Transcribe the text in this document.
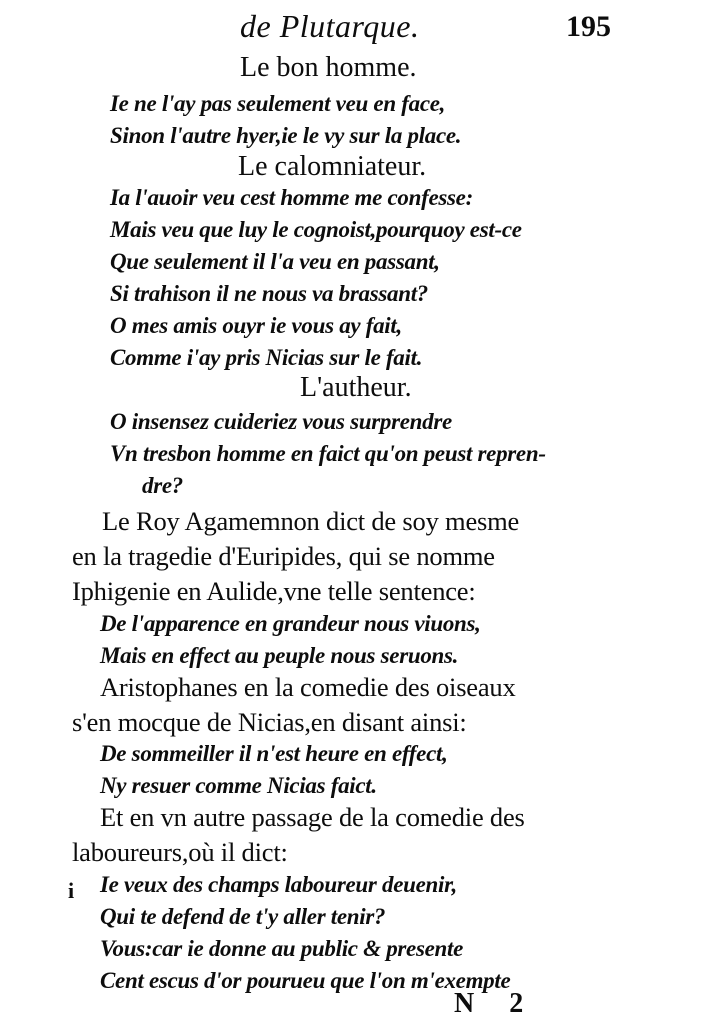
de Plutarque.	195
Le bon homme.
Ie ne l'ay pas seulement veu en face,
Sinon l'autre hyer,ie le vy sur la place.
Le calomniateur.
Ia l'auoir veu cest homme me confesse:
Mais veu que luy le cognoist,pourquoy est-ce
Que seulement il l'a veu en passant,
Si trahison il ne nous va brassant?
O mes amis ouyr ie vous ay fait,
Comme i'ay pris Nicias sur le fait.
L'autheur.
O insensez cuideriez vous surprendre
Vn tresbon homme en faict qu'on peust repren-
dre?
Le Roy Agamemnon dict de soy mesme
en la tragedie d'Euripides, qui se nomme
Iphigenie en Aulide,vne telle sentence:
De l'apparence en grandeur nous viuons,
Mais en effect au peuple nous seruons.
Aristophanes en la comedie des oiseaux
s'en mocque de Nicias,en disant ainsi:
De sommeiller il n'est heure en effect,
Ny resuer comme Nicias faict.
Et en vn autre passage de la comedie des
laboureurs,où il dict:
Ie veux des champs laboureur deuenir,
Qui te defend de t'y aller tenir?
Vous:car ie donne au public & presente
Cent escus d'or pourueu que l'on m'exempte
i
N 2
